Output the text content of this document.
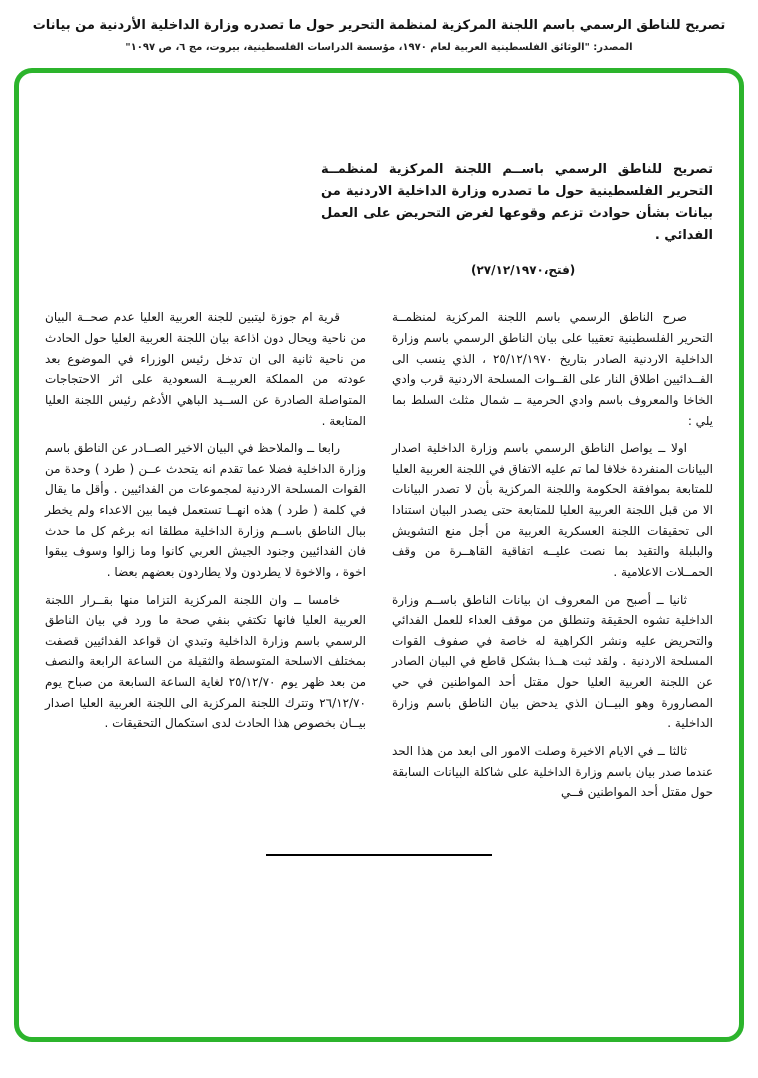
تصريح للناطق الرسمي باسم اللجنة المركزية لمنظمة التحرير حول ما تصدره وزارة الداخلية الأردنية من بيانات
المصدر: "الوثائق الفلسطينية العربية لعام ١٩٧٠، مؤسسة الدراسات الفلسطينية، بيروت، مج ٦، ص ١٠٩٧"
تصريح للناطق الرسمي باســم اللجنة المركزية لمنظمــة التحرير الفلسطينية حول ما تصدره وزارة الداخلية الاردنية من بيانات بشأن حوادث تزعم وقوعها لغرض التحريض على العمل الفدائي .
(فتح،٢٧/١٢/١٩٧٠)

صرح الناطق الرسمي باسم اللجنة المركزية لمنظمــة التحرير الفلسطينية تعقيبا على بيان الناطق الرسمي باسم وزارة الداخلية الاردنية الصادر بتاريخ ٢٥/١٢/١٩٧٠ ، الذي ينسب الى الفــدائيين اطلاق النار على القــوات المسلحة الاردنية قرب وادي الخاخا والمعروف باسم وادي الحرمية ــ شمال مثلث السلط بما يلي :

اولا ــ يواصل الناطق الرسمي باسم وزارة الداخلية اصدار البيانات المنفردة خلافا لما تم عليه الاتفاق في اللجنة العربية العليا للمتابعة بموافقة الحكومة واللجنة المركزية بأن لا تصدر البيانات الا من قبل اللجنة العربية العليا للمتابعة حتى يصدر البيان استنادا الى تحقيقات اللجنة العسكرية العربية من أجل منع التشويش والبلبلة والتقيد بما نصت عليــه اتفاقية القاهــرة من وقف الحمــلات الاعلامية .

ثانيا ــ أصبح من المعروف ان بيانات الناطق باســم وزارة الداخلية تشوه الحقيقة وتنطلق من موقف العداء للعمل الفدائي والتحريض عليه ونشر الكراهية له خاصة في صفوف القوات المسلحة الاردنية . ولقد ثبت هــذا بشكل قاطع في البيان الصادر عن اللجنة العربية العليا حول مقتل أحد المواطنين في حي المصارورة وهو البيــان الذي يدحض بيان الناطق باسم وزارة الداخلية .

ثالثا ــ في الايام الاخيرة وصلت الامور الى ابعد من هذا الحد عندما صدر بيان باسم وزارة الداخلية على شاكلة البيانات السابقة حول مقتل أحد المواطنين فــي

قرية ام جوزة ليتبين للجنة العربية العليا عدم صحــة البيان من ناحية ويحال دون اذاعة بيان اللجنة العربية العليا حول الحادث من ناحية ثانية الى ان تدخل رئيس الوزراء في الموضوع بعد عودته من المملكة العربيــة السعودية على اثر الاحتجاجات المتواصلة الصادرة عن الســيد الباهي الأدغم رئيس اللجنة العليا المتابعة .

رابعا ــ والملاحظ في البيان الاخير الصــادر عن الناطق باسم وزارة الداخلية فضلا عما تقدم انه يتحدث عــن ( طرد ) وحدة من القوات المسلحة الاردنية لمجموعات من الفدائيين . وأقل ما يقال في كلمة ( طرد ) هذه انهــا تستعمل فيما بين الاعداء ولم يخطر ببال الناطق باســم وزارة الداخلية مطلقا انه برغم كل ما حدث فان الفدائيين وجنود الجيش العربي كانوا وما زالوا وسوف يبقوا اخوة ، والاخوة لا يطردون ولا يطاردون بعضهم بعضا .

خامسا ــ وان اللجنة المركزية التزاما منها بقــرار اللجنة العربية العليا فانها تكتفي بنفي صحة ما ورد في بيان الناطق الرسمي باسم وزارة الداخلية وتبدي ان قواعد الفدائيين قصفت بمختلف الاسلحة المتوسطة والثقيلة من الساعة الرابعة والنصف من بعد ظهر يوم ٢٥/١٢/٧٠ لغاية الساعة السابعة من صباح يوم ٢٦/١٢/٧٠ وتترك اللجنة المركزية الى اللجنة العربية العليا اصدار بيــان بخصوص هذا الحادث لدى استكمال التحقيقات .
